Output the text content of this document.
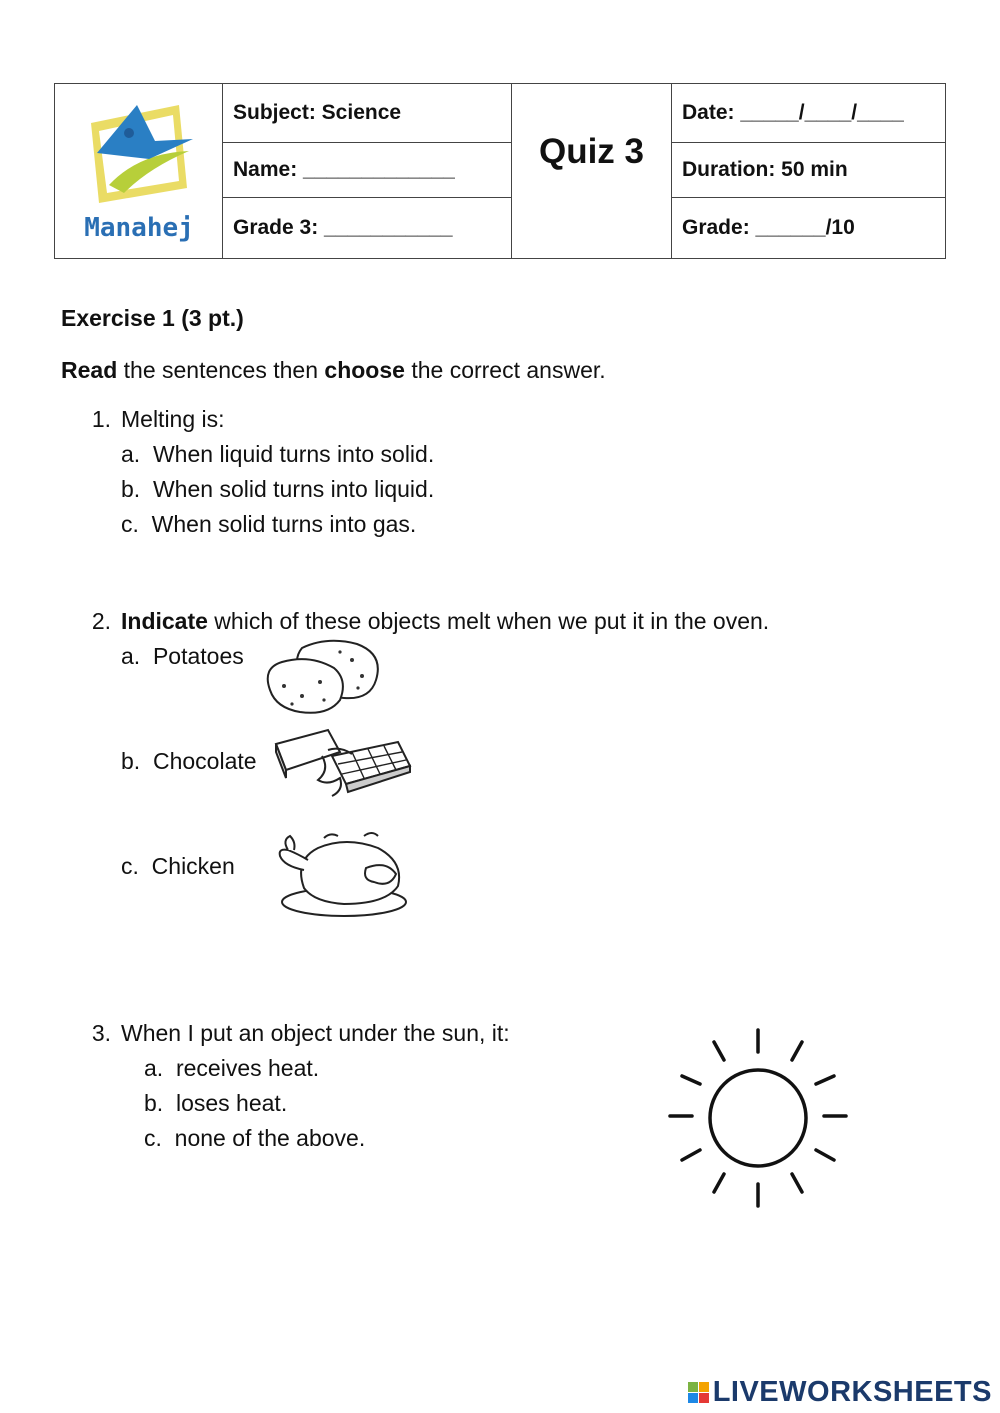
Manahej	Subject: Science	Quiz 3	Date: _____/____/____
	Name: _____________		Duration: 50 min
	Grade 3: ___________		Grade: ______/10
Exercise 1 (3 pt.)
Read the sentences then choose the correct answer.
1. Melting is:
a. When liquid turns into solid.
b. When solid turns into liquid.
c. When solid turns into gas.
2. Indicate which of these objects melt when we put it in the oven.
a. Potatoes
b. Chocolate
c. Chicken
3. When I put an object under the sun, it:
a. receives heat.
b. loses heat.
c. none of the above.
LIVEWORKSHEETS
